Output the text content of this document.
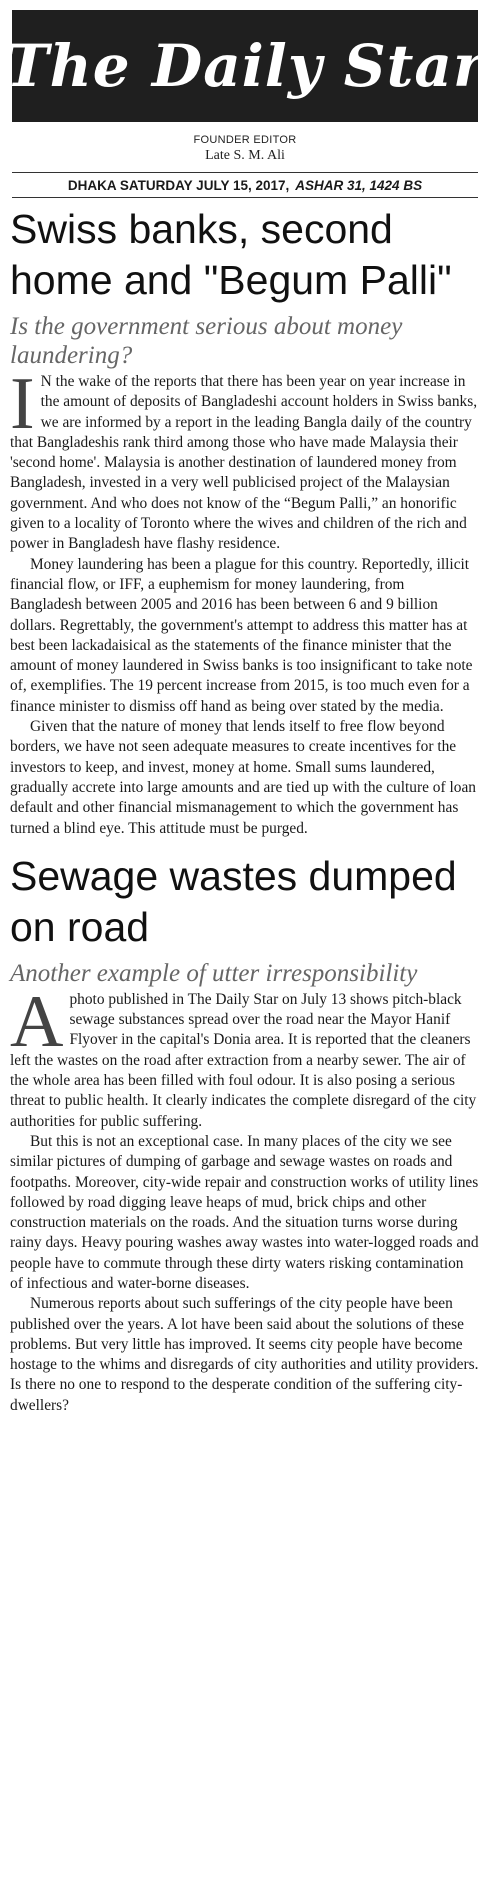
The Daily Star
FOUNDER EDITOR
Late S. M. Ali
DHAKA SATURDAY JULY 15, 2017, ASHAR 31, 1424 BS
Swiss banks, second home and "Begum Palli"
Is the government serious about money laundering?
I N the wake of the reports that there has been year on year increase in the amount of deposits of Bangladeshi account holders in Swiss banks, we are informed by a report in the leading Bangla daily of the country that Bangladeshis rank third among those who have made Malaysia their 'second home'. Malaysia is another destination of laundered money from Bangladesh, invested in a very well publicised project of the Malaysian government. And who does not know of the “Begum Palli,” an honorific given to a locality of Toronto where the wives and children of the rich and power in Bangladesh have flashy residence.

Money laundering has been a plague for this country. Reportedly, illicit financial flow, or IFF, a euphemism for money laundering, from Bangladesh between 2005 and 2016 has been between 6 and 9 billion dollars. Regrettably, the government's attempt to address this matter has at best been lackadaisical as the statements of the finance minister that the amount of money laundered in Swiss banks is too insignificant to take note of, exemplifies. The 19 percent increase from 2015, is too much even for a finance minister to dismiss off hand as being over stated by the media.

Given that the nature of money that lends itself to free flow beyond borders, we have not seen adequate measures to create incentives for the investors to keep, and invest, money at home. Small sums laundered, gradually accrete into large amounts and are tied up with the culture of loan default and other financial mismanagement to which the government has turned a blind eye. This attitude must be purged.

Sewage wastes dumped on road
Another example of utter irresponsibility
A photo published in The Daily Star on July 13 shows pitch-black sewage substances spread over the road near the Mayor Hanif Flyover in the capital's Donia area. It is reported that the cleaners left the wastes on the road after extraction from a nearby sewer. The air of the whole area has been filled with foul odour. It is also posing a serious threat to public health. It clearly indicates the complete disregard of the city authorities for public suffering.

But this is not an exceptional case. In many places of the city we see similar pictures of dumping of garbage and sewage wastes on roads and footpaths. Moreover, city-wide repair and construction works of utility lines followed by road digging leave heaps of mud, brick chips and other construction materials on the roads. And the situation turns worse during rainy days. Heavy pouring washes away wastes into water-logged roads and people have to commute through these dirty waters risking contamination of infectious and water-borne diseases.

Numerous reports about such sufferings of the city people have been published over the years. A lot have been said about the solutions of these problems. But very little has improved. It seems city people have become hostage to the whims and disregards of city authorities and utility providers. Is there no one to respond to the desperate condition of the suffering city-dwellers?
